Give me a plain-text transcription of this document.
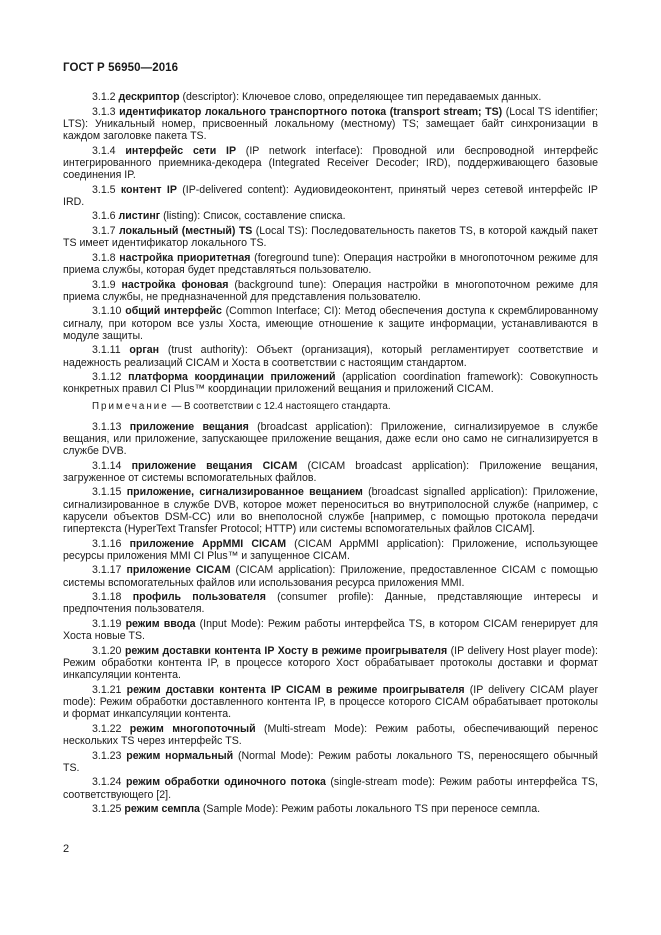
ГОСТ Р 56950—2016

3.1.2 дескриптор (descriptor): Ключевое слово, определяющее тип передаваемых данных.

3.1.3 идентификатор локального транспортного потока (transport stream; TS) (Local TS identifier; LTS): Уникальный номер, присвоенный локальному (местному) TS; замещает байт синхронизации в каждом заголовке пакета TS.

3.1.4 интерфейс сети IP (IP network interface): Проводной или беспроводной интерфейс интегрированного приемника-декодера (Integrated Receiver Decoder; IRD), поддерживающего базовые соединения IP.

3.1.5 контент IP (IP-delivered content): Аудиовидеоконтент, принятый через сетевой интерфейс IP IRD.

3.1.6 листинг (listing): Список, составление списка.

3.1.7 локальный (местный) TS (Local TS): Последовательность пакетов TS, в которой каждый пакет TS имеет идентификатор локального TS.

3.1.8 настройка приоритетная (foreground tune): Операция настройки в многопоточном режиме для приема службы, которая будет представляться пользователю.

3.1.9 настройка фоновая (background tune): Операция настройки в многопоточном режиме для приема службы, не предназначенной для представления пользователю.

3.1.10 общий интерфейс (Common Interface; CI): Метод обеспечения доступа к скремблированному сигналу, при котором все узлы Хоста, имеющие отношение к защите информации, устанавливаются в модуле защиты.

3.1.11 орган (trust authority): Объект (организация), который регламентирует соответствие и надежность реализаций CICAM и Хоста в соответствии с настоящим стандартом.

3.1.12 платформа координации приложений (application coordination framework): Совокупность конкретных правил CI Plus™ координации приложений вещания и приложений CICAM.

Примечание — В соответствии с 12.4 настоящего стандарта.

3.1.13 приложение вещания (broadcast application): Приложение, сигнализируемое в службе вещания, или приложение, запускающее приложение вещания, даже если оно само не сигнализируется в службе DVB.

3.1.14 приложение вещания CICAM (CICAM broadcast application): Приложение вещания, загруженное от системы вспомогательных файлов.

3.1.15 приложение, сигнализированное вещанием (broadcast signalled application): Приложение, сигнализированное в службе DVB, которое может переноситься во внутриполосной службе (например, с карусели объектов DSM-CC) или во внеполосной службе [например, с помощью протокола передачи гипертекста (HyperText Transfer Protocol; HTTP) или системы вспомогательных файлов CICAM].

3.1.16 приложение AppMMI CICAM (CICAM AppMMI application): Приложение, использующее ресурсы приложения MMI CI Plus™ и запущенное CICAM.

3.1.17 приложение CICAM (CICAM application): Приложение, предоставленное CICAM с помощью системы вспомогательных файлов или использования ресурса приложения MMI.

3.1.18 профиль пользователя (consumer profile): Данные, представляющие интересы и предпочтения пользователя.

3.1.19 режим ввода (Input Mode): Режим работы интерфейса TS, в котором CICAM генерирует для Хоста новые TS.

3.1.20 режим доставки контента IP Хосту в режиме проигрывателя (IP delivery Host player mode): Режим обработки контента IP, в процессе которого Хост обрабатывает протоколы доставки и формат инкапсуляции контента.

3.1.21 режим доставки контента IP CICAM в режиме проигрывателя (IP delivery CICAM player mode): Режим обработки доставленного контента IP, в процессе которого CICAM обрабатывает протоколы и формат инкапсуляции контента.

3.1.22 режим многопоточный (Multi-stream Mode): Режим работы, обеспечивающий перенос нескольких TS через интерфейс TS.

3.1.23 режим нормальный (Normal Mode): Режим работы локального TS, переносящего обычный TS.

3.1.24 режим обработки одиночного потока (single-stream mode): Режим работы интерфейса TS, соответствующего [2].

3.1.25 режим семпла (Sample Mode): Режим работы локального TS при переносе семпла.

2
